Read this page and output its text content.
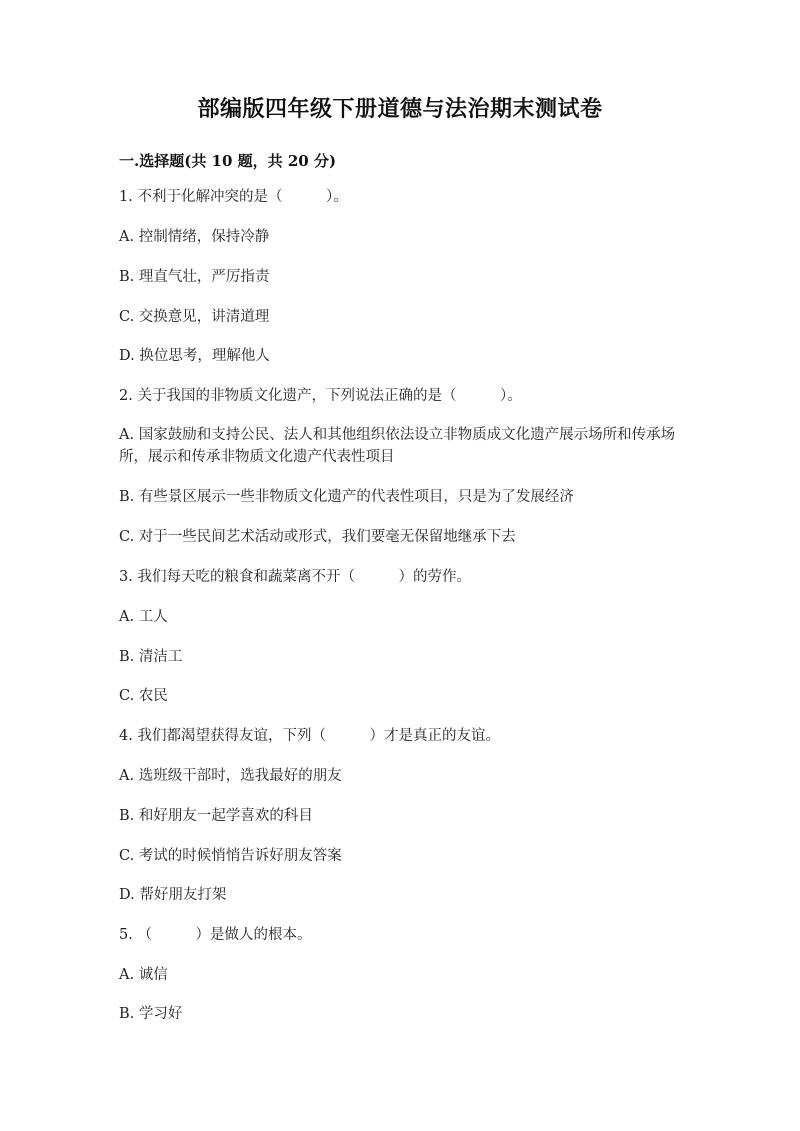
部编版四年级下册道德与法治期末测试卷
一.选择题(共 10 题，共 20 分)
1. 不利于化解冲突的是（　　　）。
A. 控制情绪，保持冷静
B. 理直气壮，严厉指责
C. 交换意见，讲清道理
D. 换位思考，理解他人
2. 关于我国的非物质文化遗产，下列说法正确的是（　　　）。
A. 国家鼓励和支持公民、法人和其他组织依法设立非物质成文化遗产展示场所和传承场所，展示和传承非物质文化遗产代表性项目
B. 有些景区展示一些非物质文化遗产的代表性项目，只是为了发展经济
C. 对于一些民间艺术活动或形式，我们要毫无保留地继承下去
3. 我们每天吃的粮食和蔬菜离不开（　　　）的劳作。
A. 工人
B. 清洁工
C. 农民
4. 我们都渴望获得友谊，下列（　　　）才是真正的友谊。
A. 选班级干部时，选我最好的朋友
B. 和好朋友一起学喜欢的科目
C. 考试的时候悄悄告诉好朋友答案
D. 帮好朋友打架
5. （　　　）是做人的根本。
A. 诚信
B. 学习好
